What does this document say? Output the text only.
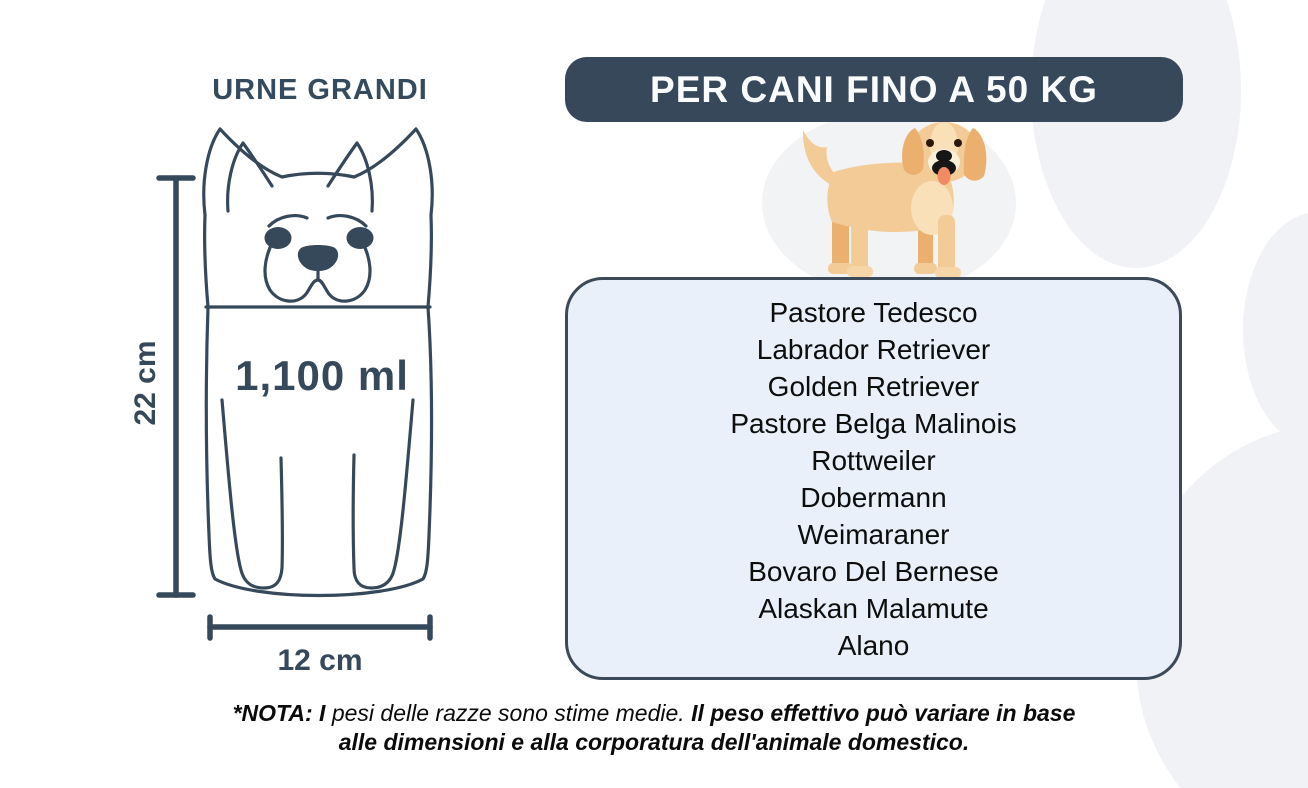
URNE GRANDI
1,100 ml
22 cm
12 cm
PER CANI FINO A 50 KG
Pastore Tedesco
Labrador Retriever
Golden Retriever
Pastore Belga Malinois
Rottweiler
Dobermann
Weimaraner
Bovaro Del Bernese
Alaskan Malamute
Alano
*NOTA: I pesi delle razze sono stime medie. Il peso effettivo può variare in base
alle dimensioni e alla corporatura dell'animale domestico.
